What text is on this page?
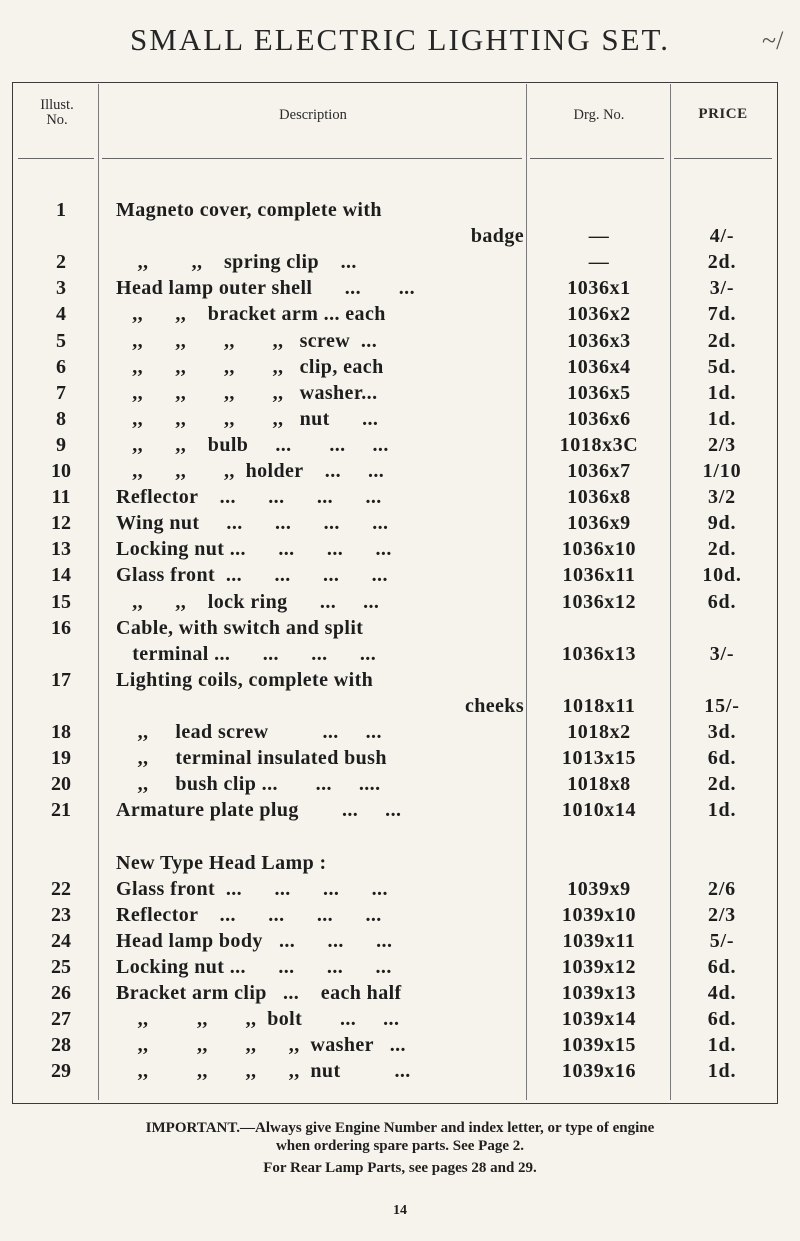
SMALL ELECTRIC LIGHTING SET.	~/
Illust.
No.	Description	Drg. No.	PRICE
1	Magneto cover, complete with
badge	—	4/-
2	,,        ,,    spring clip    ...	—	2d.
3	Head lamp outer shell      ...       ...	1036x1	3/-
4	,,      ,,    bracket arm ... each	1036x2	7d.
5	,,      ,,       ,,       ,,   screw  ...	1036x3	2d.
6	,,      ,,       ,,       ,,   clip, each	1036x4	5d.
7	,,      ,,       ,,       ,,   washer...	1036x5	1d.
8	,,      ,,       ,,       ,,   nut      ...	1036x6	1d.
9	,,      ,,    bulb     ...       ...     ...	1018x3C	2/3
10	,,      ,,       ,,  holder    ...     ...	1036x7	1/10
11	Reflector    ...      ...      ...      ...	1036x8	3/2
12	Wing nut     ...      ...      ...      ...	1036x9	9d.
13	Locking nut ...      ...      ...      ...	1036x10	2d.
14	Glass front  ...      ...      ...      ...	1036x11	10d.
15	,,      ,,    lock ring      ...     ...	1036x12	6d.
16	Cable, with switch and split
terminal ...      ...      ...      ...	1036x13	3/-
17	Lighting coils, complete with
cheeks	1018x11	15/-
18	,,     lead screw          ...     ...	1018x2	3d.
19	,,     terminal insulated bush	1013x15	6d.
20	,,     bush clip ...       ...     ....	1018x8	2d.
21	Armature plate plug        ...     ...	1010x14	1d.
New Type Head Lamp :
22	Glass front  ...      ...      ...      ...	1039x9	2/6
23	Reflector    ...      ...      ...      ...	1039x10	2/3
24	Head lamp body   ...      ...      ...	1039x11	5/-
25	Locking nut ...      ...      ...      ...	1039x12	6d.
26	Bracket arm clip   ...    each half	1039x13	4d.
27	,,         ,,       ,,  bolt       ...     ...	1039x14	6d.
28	,,         ,,       ,,      ,,  washer   ...	1039x15	1d.
29	,,         ,,       ,,      ,,  nut          ...	1039x16	1d.
IMPORTANT.—Always give Engine Number and index letter, or type of engine
when ordering spare parts. See Page 2.
For Rear Lamp Parts, see pages 28 and 29.
14
